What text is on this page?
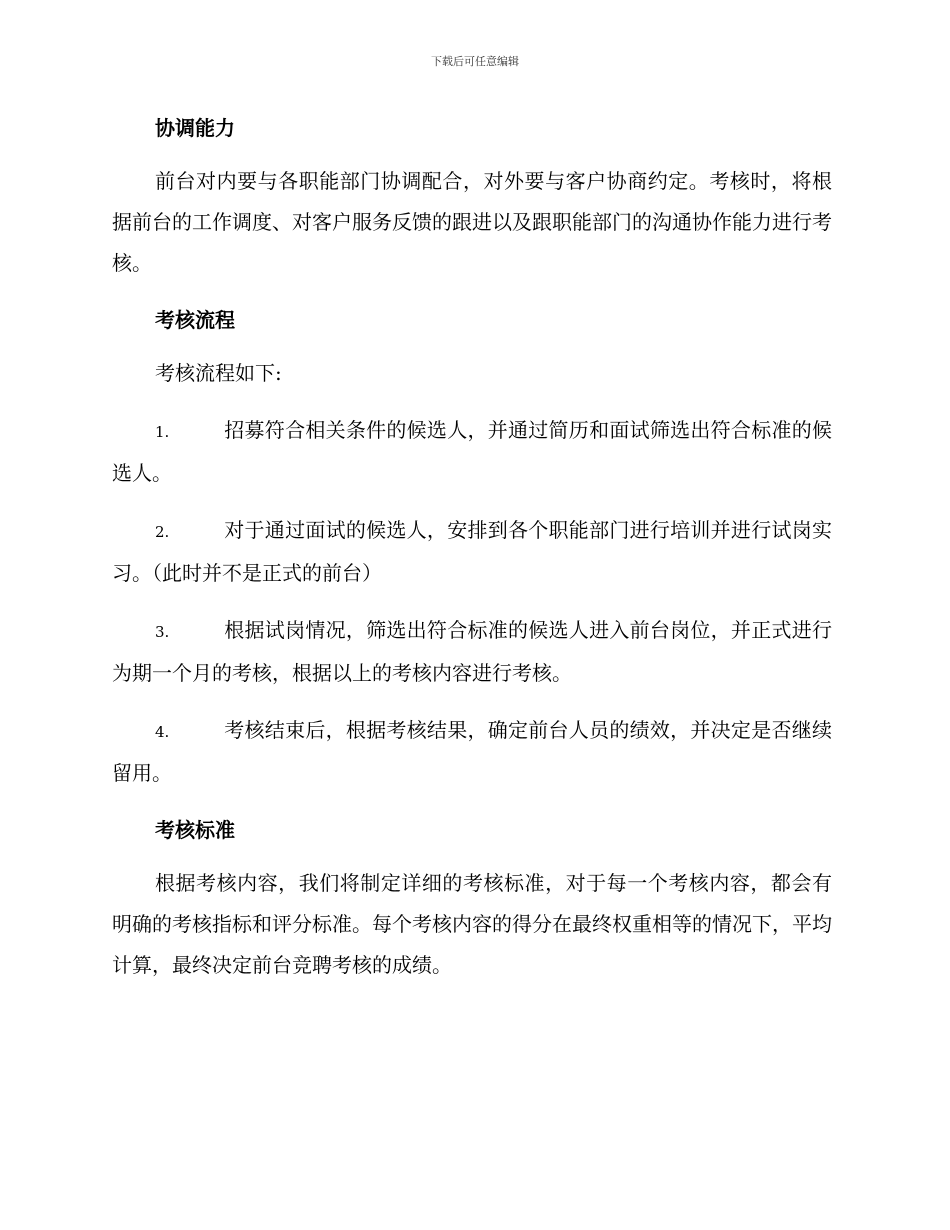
下载后可任意编辑
协调能力

前台对内要与各职能部门协调配合，对外要与客户协商约定。考核时，将根据前台的工作调度、对客户服务反馈的跟进以及跟职能部门的沟通协作能力进行考核。

考核流程

考核流程如下:

1.	招募符合相关条件的候选人，并通过简历和面试筛选出符合标准的候选人。

2.	对于通过面试的候选人，安排到各个职能部门进行培训并进行试岗实习。（此时并不是正式的前台）

3.	根据试岗情况，筛选出符合标准的候选人进入前台岗位，并正式进行为期一个月的考核，根据以上的考核内容进行考核。

4.	考核结束后，根据考核结果，确定前台人员的绩效，并决定是否继续留用。

考核标准

根据考核内容，我们将制定详细的考核标准，对于每一个考核内容，都会有明确的考核指标和评分标准。每个考核内容的得分在最终权重相等的情况下，平均计算，最终决定前台竞聘考核的成绩。
